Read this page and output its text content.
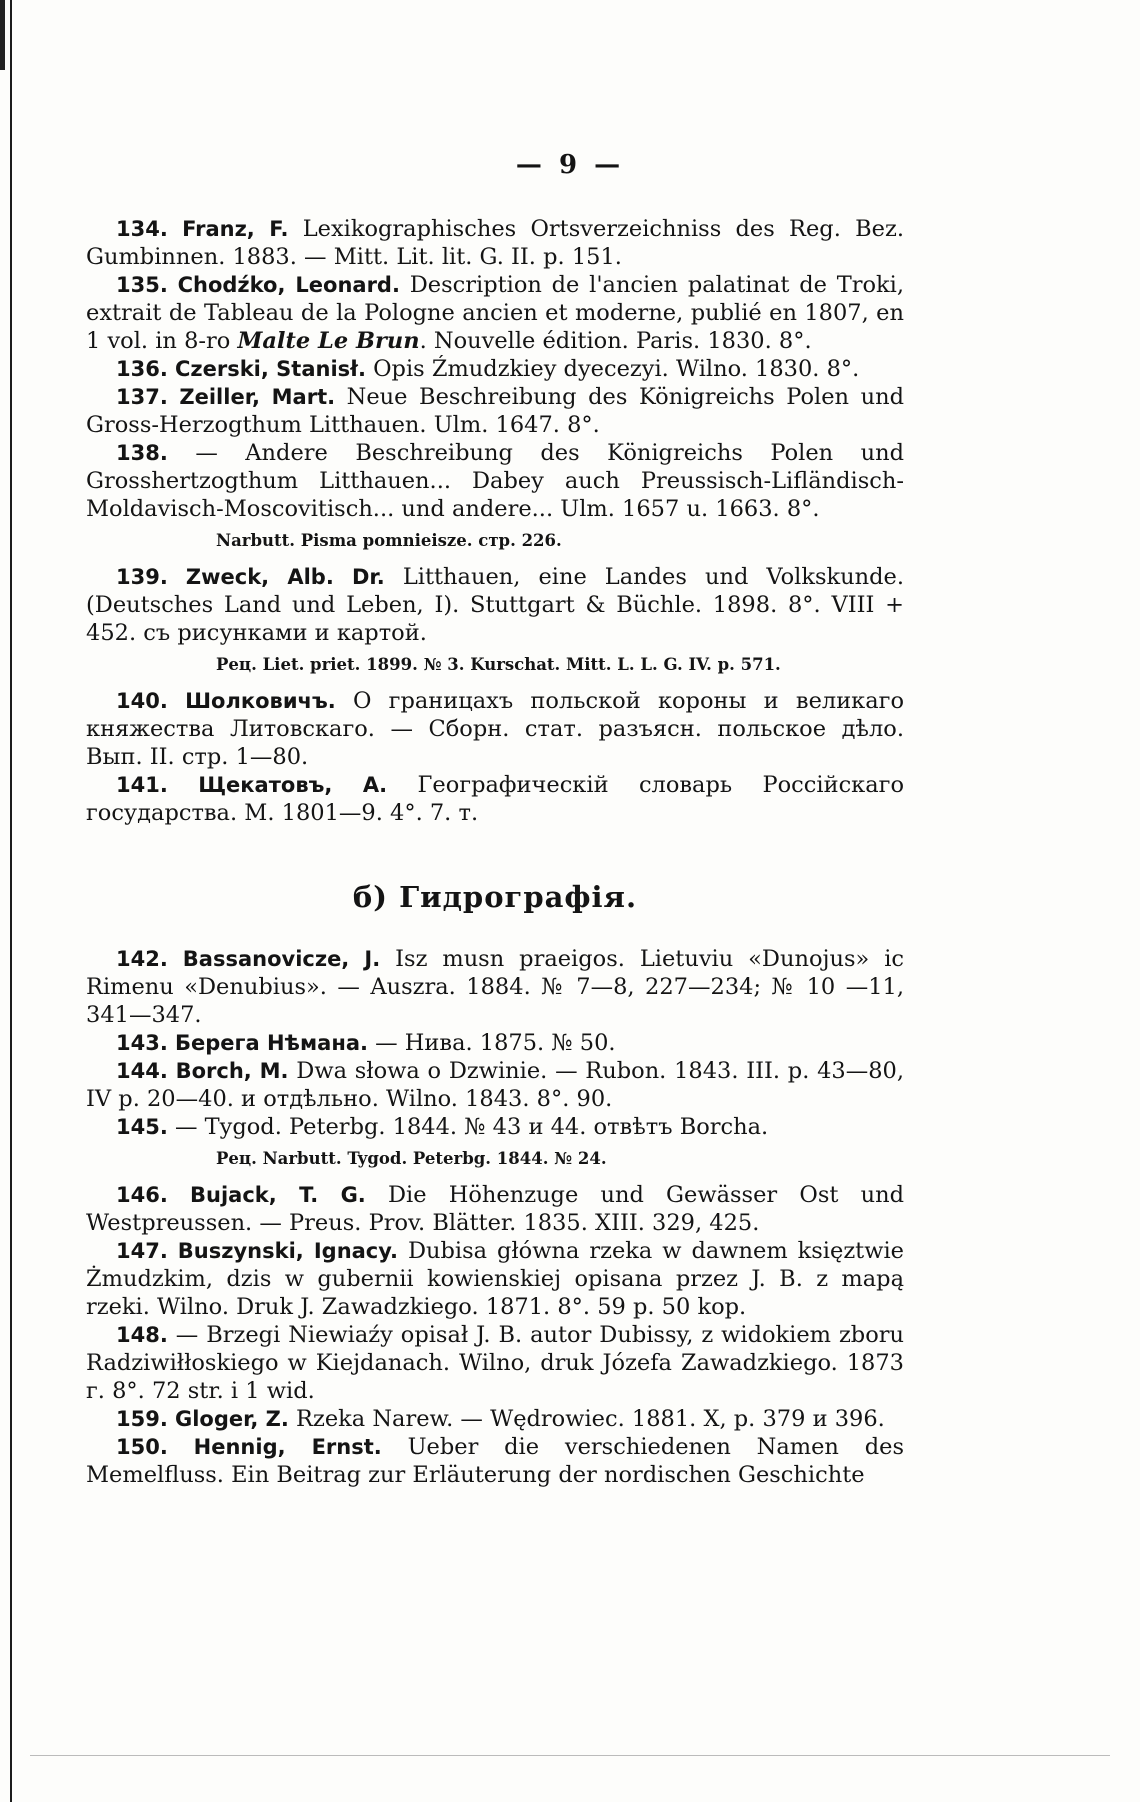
— 9 —

134. Franz, F. Lexikographisches Ortsverzeichniss des Reg. Bez. Gumbinnen. 1883. — Mitt. Lit. lit. G. II. p. 151.

135. Chodźko, Leonard. Description de l'ancien palatinat de Troki, extrait de Tableau de la Pologne ancien et moderne, publié en 1807, en 1 vol. in 8-ro Malte Le Brun. Nouvelle édition. Paris. 1830. 8°.

136. Czerski, Stanisł. Opis Źmudzkiey dyecezyi. Wilno. 1830. 8°.

137. Zeiller, Mart. Neue Beschreibung des Königreichs Polen und Gross-Herzogthum Litthauen. Ulm. 1647. 8°.

138. — Andere Beschreibung des Königreichs Polen und Grosshertzogthum Litthauen... Dabey auch Preussisch-Lifländisch-Moldavisch-Moscovitisch... und andere... Ulm. 1657 u. 1663. 8°.

Narbutt. Pisma pomnieisze. стр. 226.

139. Zweck, Alb. Dr. Litthauen, eine Landes und Volkskunde. (Deutsches Land und Leben, I). Stuttgart & Büchle. 1898. 8°. VIII + 452. съ рисунками и картой.

Рец. Liet. priet. 1899. № 3. Kurschat. Mitt. L. L. G. IV. p. 571.

140. Шолковичъ. О границахъ польской короны и великаго княжества Литовскаго. — Сборн. стат. разъясн. польское дѣло. Вып. II. стр. 1—80.

141. Щекатовъ, А. Географическій словарь Россійскаго государства. М. 1801—9. 4°. 7. т.

б) Гидрографія.

142. Bassanovicze, J. Isz musn praeigos. Lietuviu «Dunojus» ic Rimenu «Denubius». — Auszra. 1884. № 7—8, 227—234; № 10 —11, 341—347.

143. Берега Нѣмана. — Нива. 1875. № 50.

144. Borch, M. Dwa słowa o Dzwinie. — Rubon. 1843. III. p. 43—80, IV p. 20—40. и отдѣльно. Wilno. 1843. 8°. 90.

145. — Tygod. Peterbg. 1844. № 43 и 44. отвѣтъ Borcha.

Рец. Narbutt. Tygod. Peterbg. 1844. № 24.

146. Bujack, T. G. Die Höhenzuge und Gewässer Ost und Westpreussen. — Preus. Prov. Blätter. 1835. XIII. 329, 425.

147. Buszynski, Ignacy. Dubisa główna rzeka w dawnem księztwie Żmudzkim, dzis w gubernii kowienskiej opisana przez J. B. z mapą rzeki. Wilno. Druk J. Zawadzkiego. 1871. 8°. 59 p. 50 kop.

148. — Brzegi Niewiaźy opisał J. B. autor Dubissy, z widokiem zboru Radziwiłłoskiego w Kiejdanach. Wilno, druk Józefa Zawadzkiego. 1873 г. 8°. 72 str. i 1 wid.

159. Gloger, Z. Rzeka Narew. — Wędrowiec. 1881. X, p. 379 и 396.

150. Hennig, Ernst. Ueber die verschiedenen Namen des Memelfluss. Ein Beitrag zur Erläuterung der nordischen Geschichte
